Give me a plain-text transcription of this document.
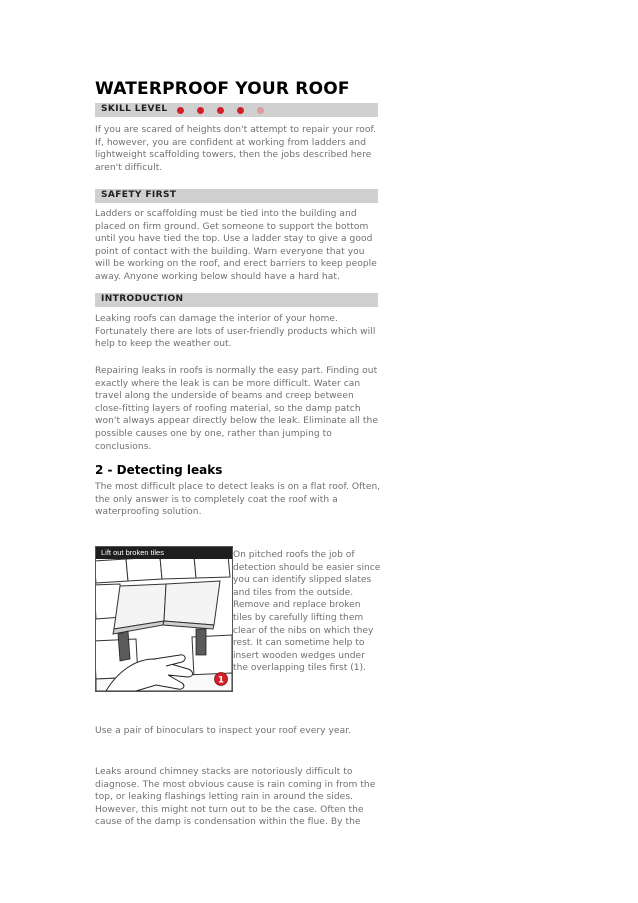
WATERPROOF YOUR ROOF
SKILL LEVEL

If you are scared of heights don't attempt to repair your roof. If, however, you are confident at working from ladders and lightweight scaffolding towers, then the jobs described here aren't difficult.

SAFETY FIRST

Ladders or scaffolding must be tied into the building and placed on firm ground. Get someone to support the bottom until you have tied the top. Use a ladder stay to give a good point of contact with the building. Warn everyone that you will be working on the roof, and erect barriers to keep people away. Anyone working below should have a hard hat.

INTRODUCTION

Leaking roofs can damage the interior of your home. Fortunately there are lots of user-friendly products which will help to keep the weather out.

Repairing leaks in roofs is normally the easy part. Finding out exactly where the leak is can be more difficult. Water can travel along the underside of beams and creep between close-fitting layers of roofing material, so the damp patch won't always appear directly below the leak. Eliminate all the possible causes one by one, rather than jumping to conclusions.

2 - Detecting leaks

The most difficult place to detect leaks is on a flat roof. Often, the only answer is to completely coat the roof with a waterproofing solution.

Lift out broken tiles
1

On pitched roofs the job of detection should be easier since you can identify slipped slates and tiles from the outside. Remove and replace broken tiles by carefully lifting them clear of the nibs on which they rest. It can sometime help to insert wooden wedges under the overlapping tiles first (1).

Use a pair of binoculars to inspect your roof every year.

Leaks around chimney stacks are notoriously difficult to diagnose. The most obvious cause is rain coming in from the top, or leaking flashings letting rain in around the sides. However, this might not turn out to be the case. Often the cause of the damp is condensation within the flue. By the
